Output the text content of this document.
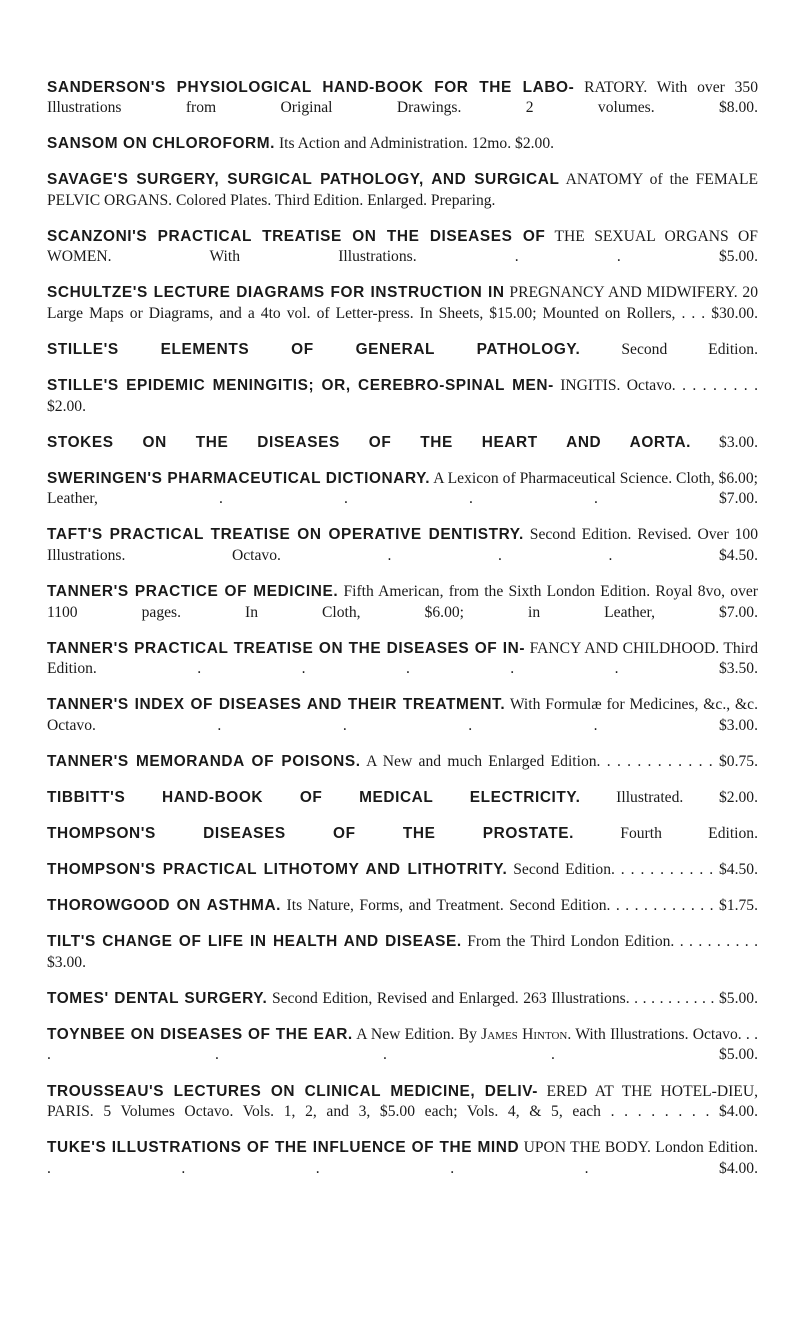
SANDERSON'S PHYSIOLOGICAL HAND-BOOK FOR THE LABO- RATORY. With over 350 Illustrations from Original Drawings. 2 volumes. $8.00.

SANSOM ON CHLOROFORM. Its Action and Administration. 12mo. $2.00.

SAVAGE'S SURGERY, SURGICAL PATHOLOGY, AND SURGICAL ANATOMY of the FEMALE PELVIC ORGANS. Colored Plates. Third Edition. Enlarged. Preparing.

SCANZONI'S PRACTICAL TREATISE ON THE DISEASES OF THE SEXUAL ORGANS OF WOMEN. With Illustrations. . . $5.00.

SCHULTZE'S LECTURE DIAGRAMS FOR INSTRUCTION IN PREGNANCY AND MIDWIFERY. 20 Large Maps or Diagrams, and a 4to vol. of Letter-press. In Sheets, $15.00; Mounted on Rollers, . . . $30.00.

STILLE'S ELEMENTS OF GENERAL PATHOLOGY.	Second Edition.

STILLE'S EPIDEMIC MENINGITIS; OR, CEREBRO-SPINAL MEN- INGITIS. Octavo. . . . . . . . . $2.00.

STOKES ON THE DISEASES OF THE HEART AND AORTA. $3.00.

SWERINGEN'S PHARMACEUTICAL DICTIONARY. A Lexicon of Pharmaceutical Science. Cloth, $6.00; Leather, . . . . $7.00.

TAFT'S PRACTICAL TREATISE ON OPERATIVE DENTISTRY. Second Edition. Revised. Over 100 Illustrations. Octavo. . . . $4.50.

TANNER'S PRACTICE OF MEDICINE. Fifth American, from the Sixth London Edition. Royal 8vo, over 1100 pages. In Cloth, $6.00; in Leather, $7.00.

TANNER'S PRACTICAL TREATISE ON THE DISEASES OF IN- FANCY AND CHILDHOOD. Third Edition. . . . . . $3.50.

TANNER'S INDEX OF DISEASES AND THEIR TREATMENT. With Formulæ for Medicines, &c., &c. Octavo. . . . . $3.00.

TANNER'S MEMORANDA OF POISONS. A New and much Enlarged Edition. . . . . . . . . . . . $0.75.

TIBBITT'S HAND-BOOK OF MEDICAL ELECTRICITY. Illustrated. $2.00.

THOMPSON'S DISEASES OF THE PROSTATE.	Fourth Edition.

THOMPSON'S PRACTICAL LITHOTOMY AND LITHOTRITY. Second Edition. . . . . . . . . . . $4.50.

THOROWGOOD ON ASTHMA. Its Nature, Forms, and Treatment. Second Edition. . . . . . . . . . . . $1.75.

TILT'S CHANGE OF LIFE IN HEALTH AND DISEASE. From the Third London Edition. . . . . . . . . . $3.00.

TOMES' DENTAL SURGERY. Second Edition, Revised and Enlarged. 263 Illustrations. . . . . . . . . . . $5.00.

TOYNBEE ON DISEASES OF THE EAR. A New Edition. By James Hinton. With Illustrations. Octavo. . . . . . . $5.00.

TROUSSEAU'S LECTURES ON CLINICAL MEDICINE, DELIV- ERED AT THE HOTEL-DIEU, PARIS. 5 Volumes Octavo. Vols. 1, 2, and 3, $5.00 each; Vols. 4, & 5, each . . . . . . . . $4.00.

TUKE'S ILLUSTRATIONS OF THE INFLUENCE OF THE MIND UPON THE BODY. London Edition. . . . . . $4.00.
